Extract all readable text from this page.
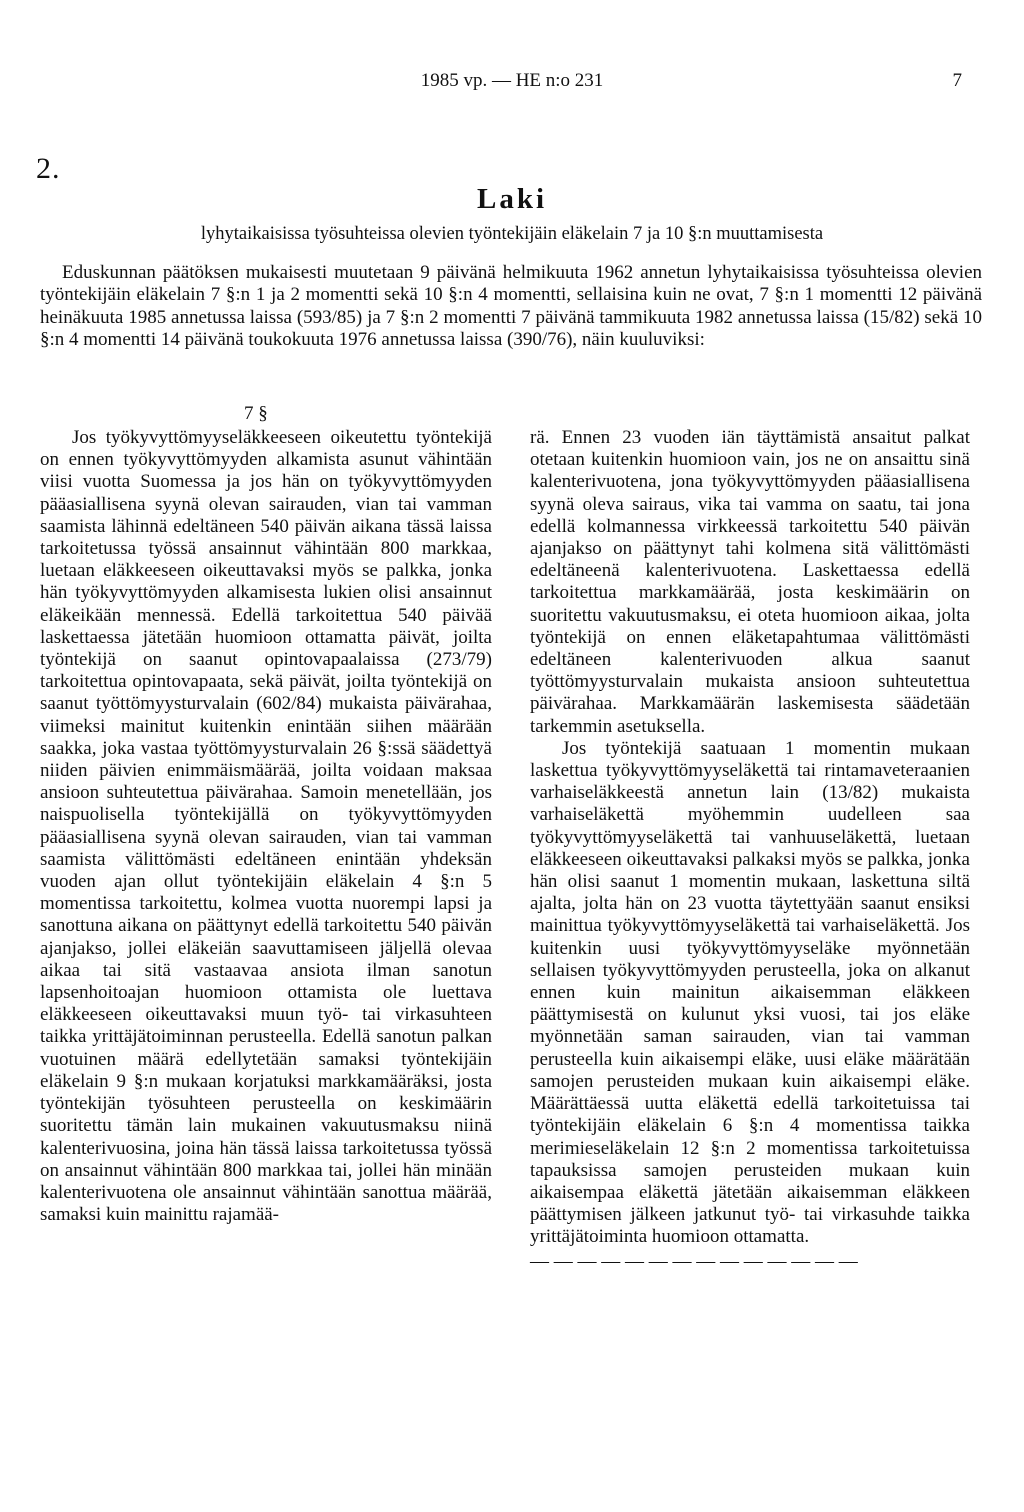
1985 vp. — HE n:o 231	7
2.
Laki
lyhytaikaisissa työsuhteissa olevien työntekijäin eläkelain 7 ja 10 §:n muuttamisesta
Eduskunnan päätöksen mukaisesti muutetaan 9 päivänä helmikuuta 1962 annetun lyhytaikaisissa työsuhteissa olevien työntekijäin eläkelain 7 §:n 1 ja 2 momentti sekä 10 §:n 4 momentti, sellaisina kuin ne ovat, 7 §:n 1 momentti 12 päivänä heinäkuuta 1985 annetussa laissa (593/85) ja 7 §:n 2 momentti 7 päivänä tammikuuta 1982 annetussa laissa (15/82) sekä 10 §:n 4 momentti 14 päivänä toukokuuta 1976 annetussa laissa (390/76), näin kuuluviksi:
7 §

Jos työkyvyttömyyseläkkeeseen oikeutettu työntekijä on ennen työkyvyttömyyden alkamista asunut vähintään viisi vuotta Suomessa ja jos hän on työkyvyttömyyden pääasiallisena syynä olevan sairauden, vian tai vamman saamista lähinnä edeltäneen 540 päivän aikana tässä laissa tarkoitetussa työssä ansainnut vähintään 800 markkaa, luetaan eläkkeeseen oikeuttavaksi myös se palkka, jonka hän työkyvyttömyyden alkamisesta lukien olisi ansainnut eläkeikään mennessä. Edellä tarkoitettua 540 päivää laskettaessa jätetään huomioon ottamatta päivät, joilta työntekijä on saanut opintovapaalaissa (273/79) tarkoitettua opintovapaata, sekä päivät, joilta työntekijä on saanut työttömyysturvalain (602/84) mukaista päivärahaa, viimeksi mainitut kuitenkin enintään siihen määrään saakka, joka vastaa työttömyysturvalain 26 §:ssä säädettyä niiden päivien enimmäismäärää, joilta voidaan maksaa ansioon suhteutettua päivärahaa. Samoin menetellään, jos naispuolisella työntekijällä on työkyvyttömyyden pääasiallisena syynä olevan sairauden, vian tai vamman saamista välittömästi edeltäneen enintään yhdeksän vuoden ajan ollut työntekijäin eläkelain 4 §:n 5 momentissa tarkoitettu, kolmea vuotta nuorempi lapsi ja sanottuna aikana on päättynyt edellä tarkoitettu 540 päivän ajanjakso, jollei eläkeiän saavuttamiseen jäljellä olevaa aikaa tai sitä vastaavaa ansiota ilman sanotun lapsenhoitoajan huomioon ottamista ole luettava eläkkeeseen oikeuttavaksi muun työ- tai virkasuhteen taikka yrittäjätoiminnan perusteella. Edellä sanotun palkan vuotuinen määrä edellytetään samaksi työntekijäin eläkelain 9 §:n mukaan korjatuksi markkamääräksi, josta työntekijän työsuhteen perusteella on keskimäärin suoritettu tämän lain mukainen vakuutusmaksu niinä kalenterivuosina, joina hän tässä laissa tarkoitetussa työssä on ansainnut vähintään 800 markkaa tai, jollei hän minään kalenterivuotena ole ansainnut vähintään sanottua määrää, samaksi kuin mainittu rajamää-

rä. Ennen 23 vuoden iän täyttämistä ansaitut palkat otetaan kuitenkin huomioon vain, jos ne on ansaittu sinä kalenterivuotena, jona työkyvyttömyyden pääasiallisena syynä oleva sairaus, vika tai vamma on saatu, tai jona edellä kolmannessa virkkeessä tarkoitettu 540 päivän ajanjakso on päättynyt tahi kolmena sitä välittömästi edeltäneenä kalenterivuotena. Laskettaessa edellä tarkoitettua markkamäärää, josta keskimäärin on suoritettu vakuutusmaksu, ei oteta huomioon aikaa, jolta työntekijä on ennen eläketapahtumaa välittömästi edeltäneen kalenterivuoden alkua saanut työttömyysturvalain mukaista ansioon suhteutettua päivärahaa. Markkamäärän laskemisesta säädetään tarkemmin asetuksella.

Jos työntekijä saatuaan 1 momentin mukaan laskettua työkyvyttömyyseläkettä tai rintamaveteraanien varhaiseläkkeestä annetun lain (13/82) mukaista varhaiseläkettä myöhemmin uudelleen saa työkyvyttömyyseläkettä tai vanhuuseläkettä, luetaan eläkkeeseen oikeuttavaksi palkaksi myös se palkka, jonka hän olisi saanut 1 momentin mukaan, laskettuna siltä ajalta, jolta hän on 23 vuotta täytettyään saanut ensiksi mainittua työkyvyttömyyseläkettä tai varhaiseläkettä. Jos kuitenkin uusi työkyvyttömyyseläke myönnetään sellaisen työkyvyttömyyden perusteella, joka on alkanut ennen kuin mainitun aikaisemman eläkkeen päättymisestä on kulunut yksi vuosi, tai jos eläke myönnetään saman sairauden, vian tai vamman perusteella kuin aikaisempi eläke, uusi eläke määrätään samojen perusteiden mukaan kuin aikaisempi eläke. Määrättäessä uutta eläkettä edellä tarkoitetuissa tai työntekijäin eläkelain 6 §:n 4 momentissa taikka merimieseläkelain 12 §:n 2 momentissa tarkoitetuissa tapauksissa samojen perusteiden mukaan kuin aikaisempaa eläkettä jätetään aikaisemman eläkkeen päättymisen jälkeen jatkunut työ- tai virkasuhde taikka yrittäjätoiminta huomioon ottamatta.

— — — — — — — — — — — — — —
